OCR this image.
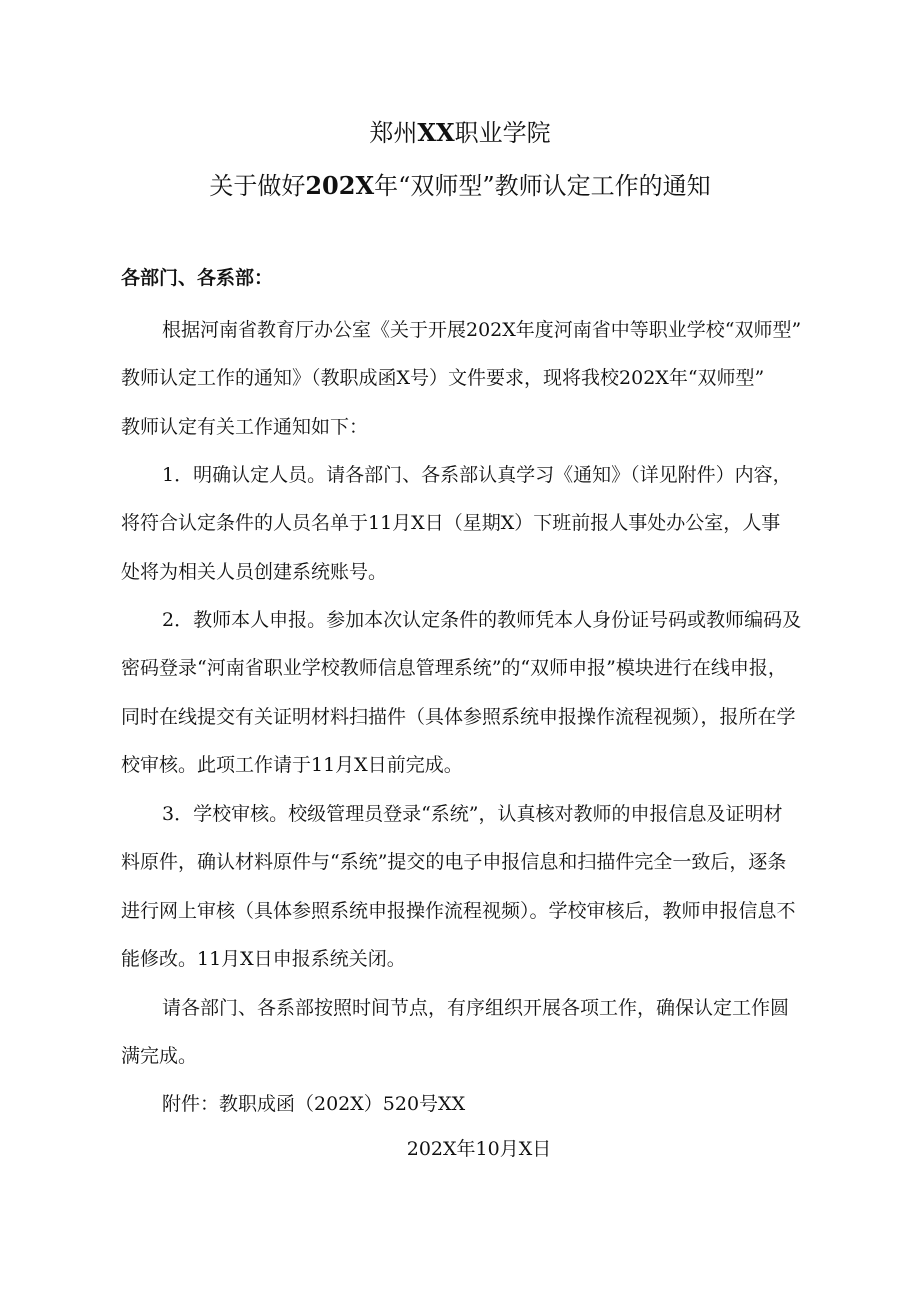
郑州XX职业学院
关于做好202X年“双师型”教师认定工作的通知
各部门、各系部：
根据河南省教育厅办公室《关于开展202X年度河南省中等职业学校“双师型”
教师认定工作的通知》（教职成函X号）文件要求，现将我校202X年“双师型”
教师认定有关工作通知如下：
1．明确认定人员。请各部门、各系部认真学习《通知》（详见附件）内容，
将符合认定条件的人员名单于11月X日（星期X）下班前报人事处办公室，人事
处将为相关人员创建系统账号。
2．教师本人申报。参加本次认定条件的教师凭本人身份证号码或教师编码及
密码登录“河南省职业学校教师信息管理系统”的“双师申报”模块进行在线申报，
同时在线提交有关证明材料扫描件（具体参照系统申报操作流程视频），报所在学
校审核。此项工作请于11月X日前完成。
3．学校审核。校级管理员登录“系统”，认真核对教师的申报信息及证明材
料原件，确认材料原件与“系统”提交的电子申报信息和扫描件完全一致后，逐条
进行网上审核（具体参照系统申报操作流程视频）。学校审核后，教师申报信息不
能修改。11月X日申报系统关闭。
请各部门、各系部按照时间节点，有序组织开展各项工作，确保认定工作圆
满完成。
附件：教职成函（202X）520号XX
202X年10月X日
